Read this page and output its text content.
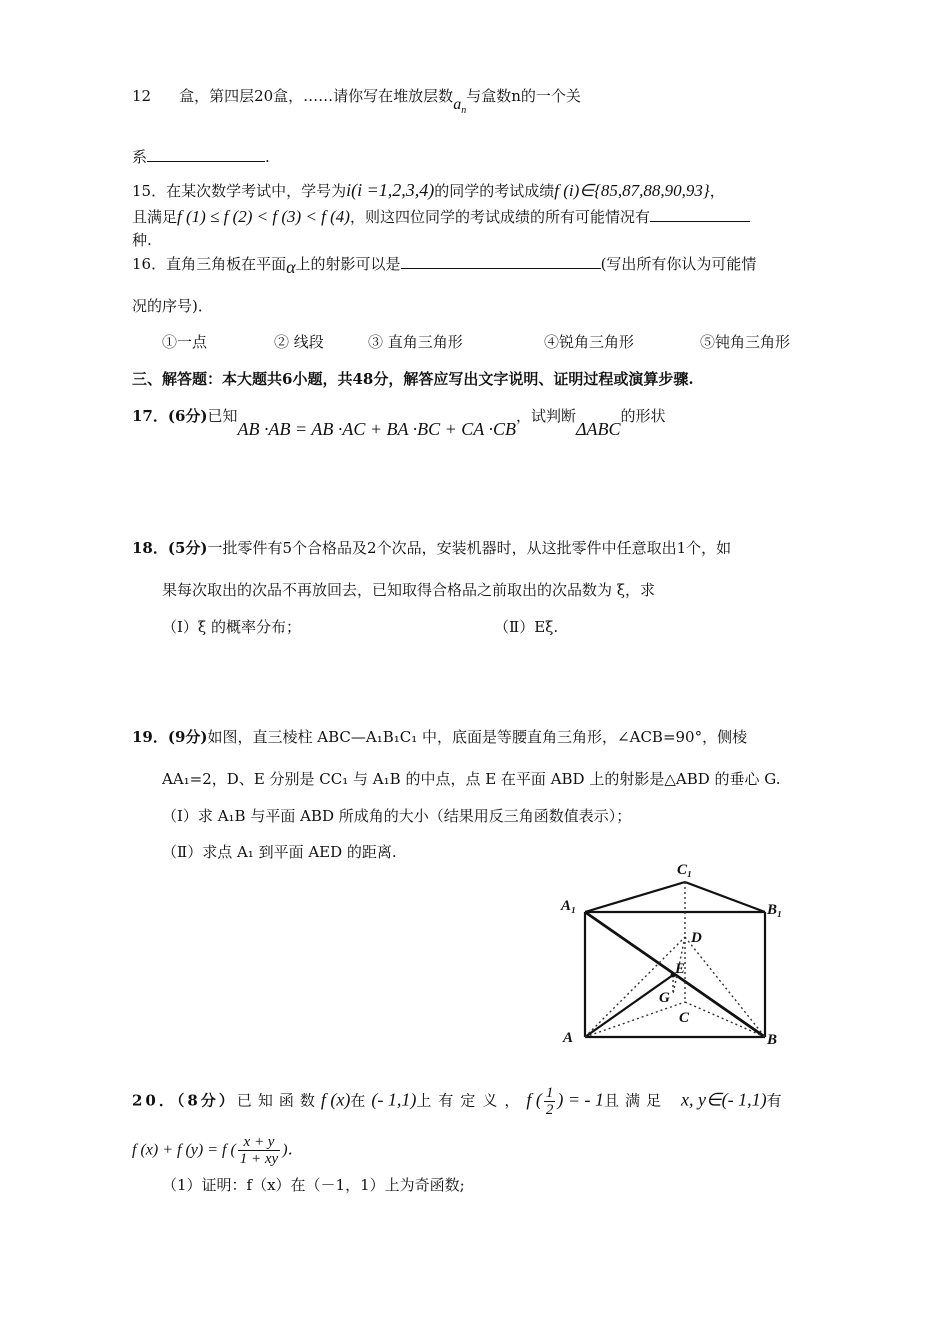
12 盒，第四层20盒，……请你写在堆放层数$a_n$与盒数n的一个关
系	.
15．在某次数学考试中，学号为i(i =1,2,3,4)的同学的考试成绩f (i)∈{85,87,88,90,93}，
且满足f (1) ≤ f (2) < f (3) < f (4)，则这四位同学的考试成绩的所有可能情况有
种.
16．直角三角板在平面α上的射影可以是	(写出所有你认为可能情
况的序号)．
①一点	② 线段	③ 直角三角形	④锐角三角形	⑤钝角三角形
三、解答题：本大题共6小题，共48分，解答应写出文字说明、证明过程或演算步骤.
17．(6分)已知AB ·AB = AB ·AC + BA ·BC + CA ·CB，试判断ΔABC的形状
18．(5分)一批零件有5个合格品及2个次品，安装机器时，从这批零件中任意取出1个，如
果每次取出的次品不再放回去，已知取得合格品之前取出的次品数为 ξ，求
（Ⅰ）ξ 的概率分布；	（Ⅱ）Eξ.
19．(9分)如图，直三棱柱 ABC—A₁B₁C₁ 中，底面是等腰直角三角形，∠ACB=90°，侧棱
AA₁=2，D、E 分别是 CC₁ 与 A₁B 的中点，点 E 在平面 ABD 上的射影是△ABD 的垂心 G.
（Ⅰ）求 A₁B 与平面 ABD 所成角的大小（结果用反三角函数值表示）；
（Ⅱ）求点 A₁ 到平面 AED 的距离.
C₁
A₁	B₁
D
E
G
C
A	B
20．（8分）已知函数f (x)在(- 1,1)上有定义，f ( $\frac{1}{2}$ ) = - 1且满足 x, y∈(- 1,1)有
f (x) + f (y) = f ( $\frac{x + y}{1 + xy}$ )．
（1）证明：f（x）在（－1，1）上为奇函数;
